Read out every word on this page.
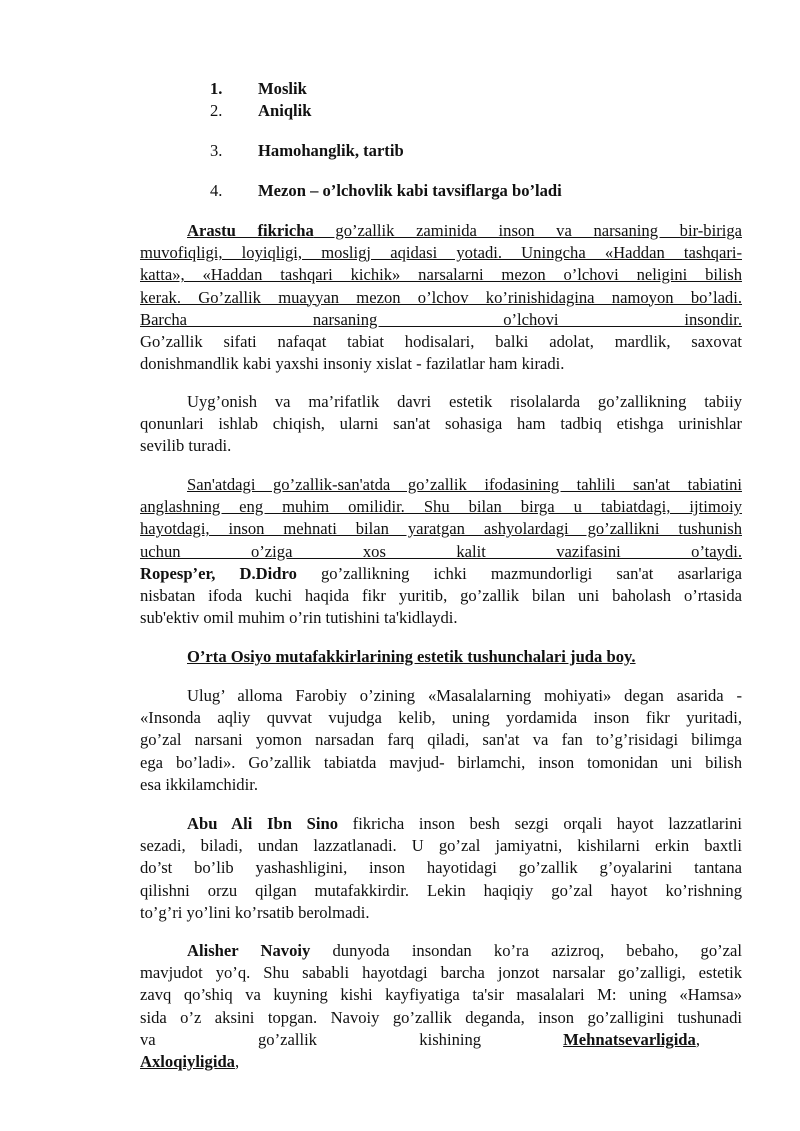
1. Moslik
2. Aniqlik
3. Hamohanglik, tartib
4. Mezon – o’lchovlik kabi tavsiflarga bo’ladi
Arastu fikricha go’zallik zaminida inson va narsaning bir-biriga
muvofiqligi, loyiqligi, mosligj aqidasi yotadi. Uningcha «Haddan tashqari-
katta», «Haddan tashqari kichik» narsalarni mezon o’lchovi neligini bilish
kerak. Go’zallik muayyan mezon o’lchov ko’rinishidagina namoyon bo’ladi.
Barcha narsaning o’lchovi insondir.
Go’zallik sifati nafaqat tabiat hodisalari, balki adolat, mardlik, saxovat
donishmandlik kabi yaxshi insoniy xislat - fazilatlar ham kiradi.
Uyg’onish va ma’rifatlik davri estetik risolalarda go’zallikning tabiiy
qonunlari ishlab chiqish, ularni san'at sohasiga ham tadbiq etishga urinishlar
sevilib turadi.
San'atdagi go’zallik-san'atda go’zallik ifodasining tahlili san'at tabiatini
anglashning eng muhim omilidir. Shu bilan birga u tabiatdagi, ijtimoiy
hayotdagi, inson mehnati bilan yaratgan ashyolardagi go’zallikni tushunish
uchun o’ziga xos kalit vazifasini o’taydi.
Ropesp’er, D.Didro go’zallikning ichki mazmundorligi san'at asarlariga
nisbatan ifoda kuchi haqida fikr yuritib, go’zallik bilan uni baholash o’rtasida
sub'ektiv omil muhim o’rin tutishini ta'kidlaydi.
O’rta Osiyo mutafakkirlarining estetik tushunchalari juda boy.
Ulug’ alloma Farobiy o’zining «Masalalarning mohiyati» degan asarida -
«Insonda aqliy quvvat vujudga kelib, uning yordamida inson fikr yuritadi,
go’zal narsani yomon narsadan farq qiladi, san'at va fan to’g’risidagi bilimga
ega bo’ladi». Go’zallik tabiatda mavjud- birlamchi, inson tomonidan uni bilish
esa ikkilamchidir.
Abu Ali Ibn Sino fikricha inson besh sezgi orqali hayot lazzatlarini
sezadi, biladi, undan lazzatlanadi. U go’zal jamiyatni, kishilarni erkin baxtli
do’st bo’lib yashashligini, inson hayotidagi go’zallik g’oyalarini tantana
qilishni orzu qilgan mutafakkirdir. Lekin haqiqiy go’zal hayot ko’rishning
to’g’ri yo’lini ko’rsatib berolmadi.
Alisher Navoiy dunyoda insondan ko’ra azizroq, bebaho, go’zal
mavjudot yo’q. Shu sababli hayotdagi barcha jonzot narsalar go’zalligi, estetik
zavq qo’shiq va kuyning kishi kayfiyatiga ta'sir masalalari M: uning «Hamsa»
sida o’z aksini topgan. Navoiy go’zallik deganda, inson go’zalligini tushunadi
va go’zallik kishining	Mehnatsevarligida,Axloqiyligida,
